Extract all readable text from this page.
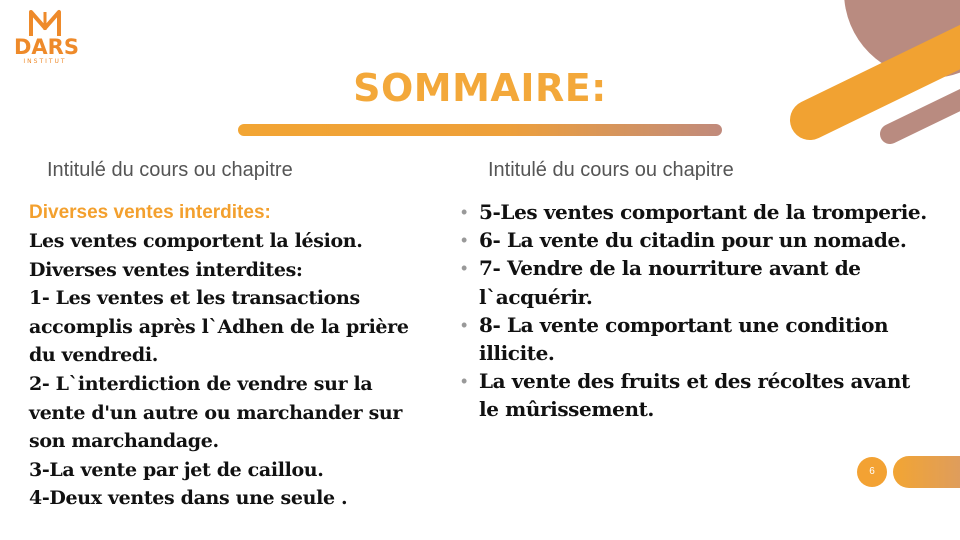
DARS
INSTITUT
SOMMAIRE:
Intitulé du cours ou chapitre	Intitulé du cours ou chapitre
Diverses ventes interdites:
Les ventes comportent la lésion.
Diverses ventes interdites:
1- Les ventes et les transactions
accomplis après l`Adhen de la prière
du vendredi.
2- L`interdiction de vendre sur la
vente d'un autre ou marchander sur
son marchandage.
3-La vente par jet de caillou.
4-Deux ventes dans une seule .
• 5-Les ventes comportant de la tromperie.
• 6- La vente du citadin pour un nomade.
• 7- Vendre de la nourriture avant de l`acquérir.
• 8- La vente comportant une condition illicite.
• La vente des fruits et des récoltes avant le mûrissement.
6
